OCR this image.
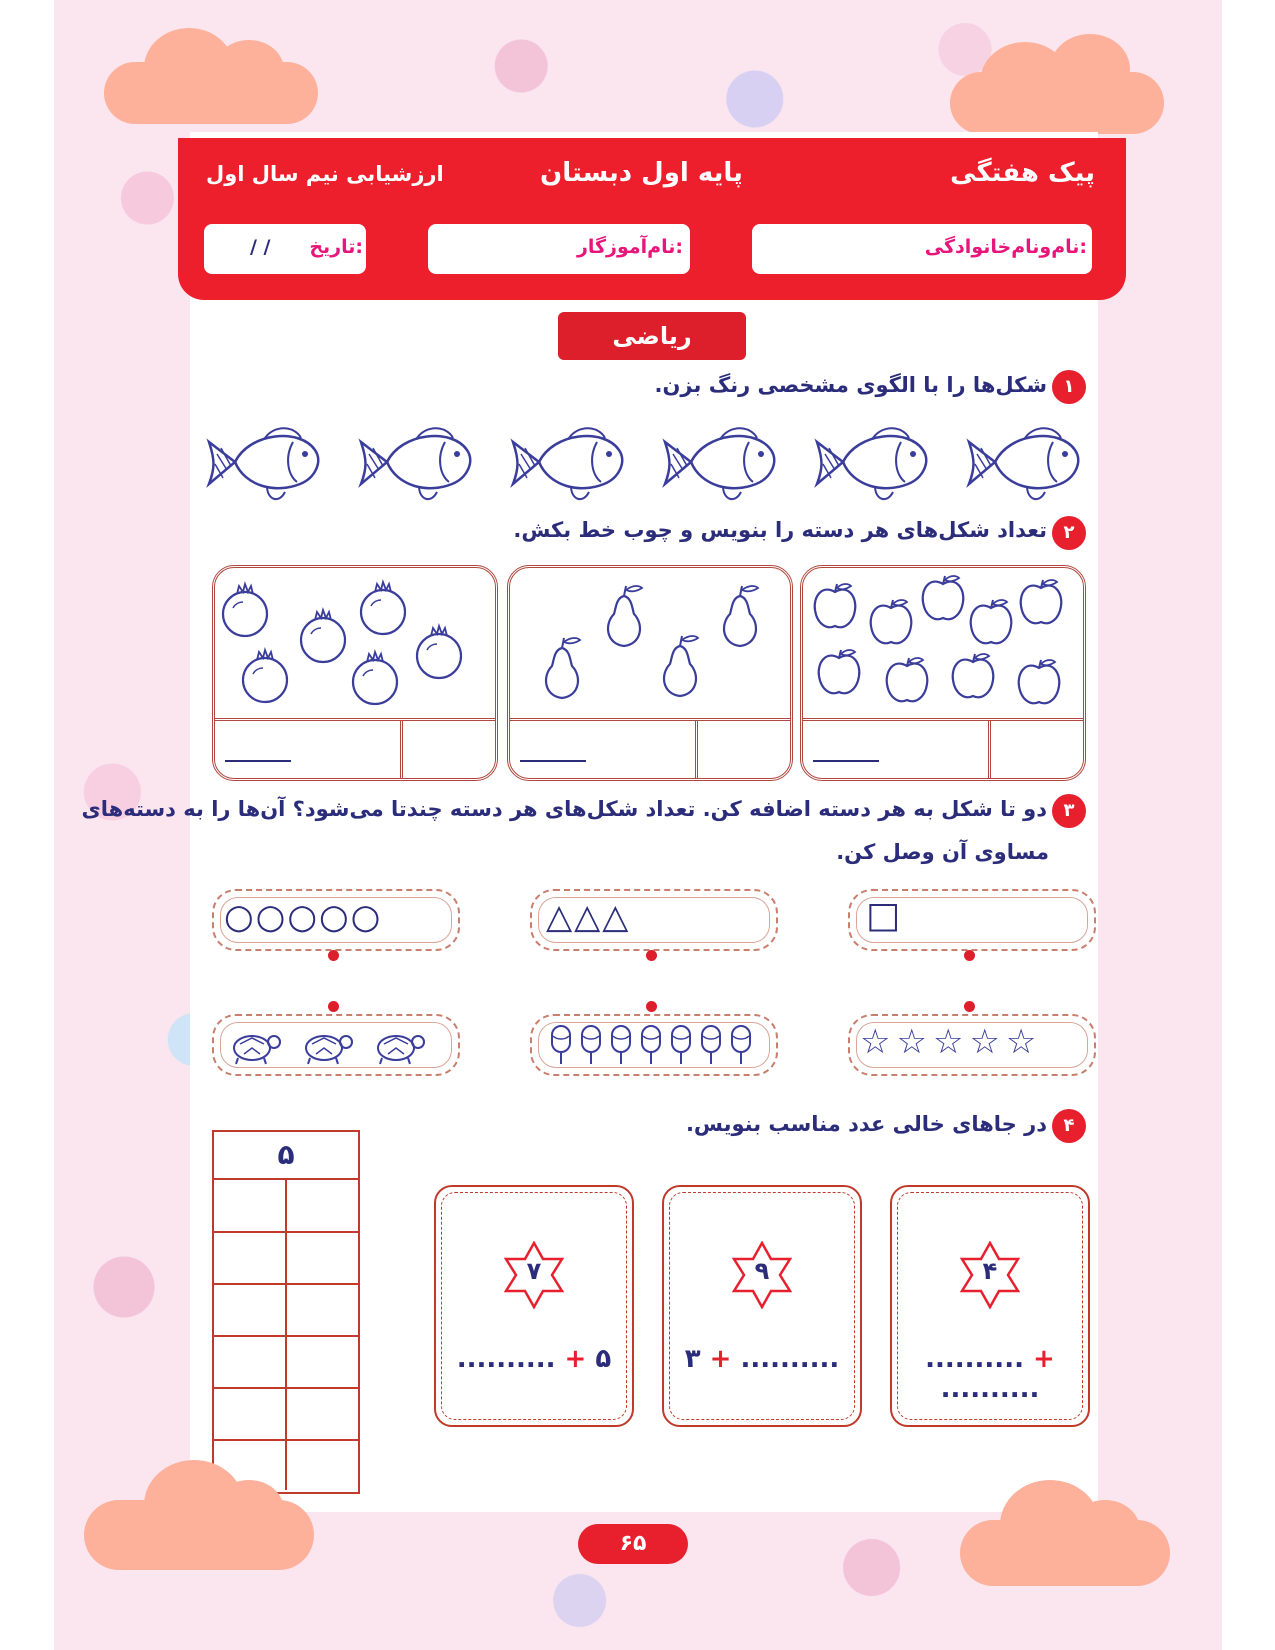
پیک هفتگی
پایه اول دبستان
ارزشیابی نیم سال اول
نام‌ونام‌خانوادگی:
نام‌آموزگار:
تاریخ:
/ /
ریاضی
۱
شکل‌ها را با الگوی مشخصی رنگ بزن.
۲
تعداد شکل‌های هر دسته را بنویس و چوب خط بکش.
۳
دو تا شکل به هر دسته اضافه کن. تعداد شکل‌های هر دسته چندتا می‌شود؟ آن‌ها را به دسته‌های
مساوی آن وصل کن.
○○○○○	△△△	□
☆☆☆☆☆
۴
در جاهای خالی عدد مناسب بنویس.
۵
۷
.......... + ۵
۹
۳ + ..........
۴
.......... + ..........
۶۵
